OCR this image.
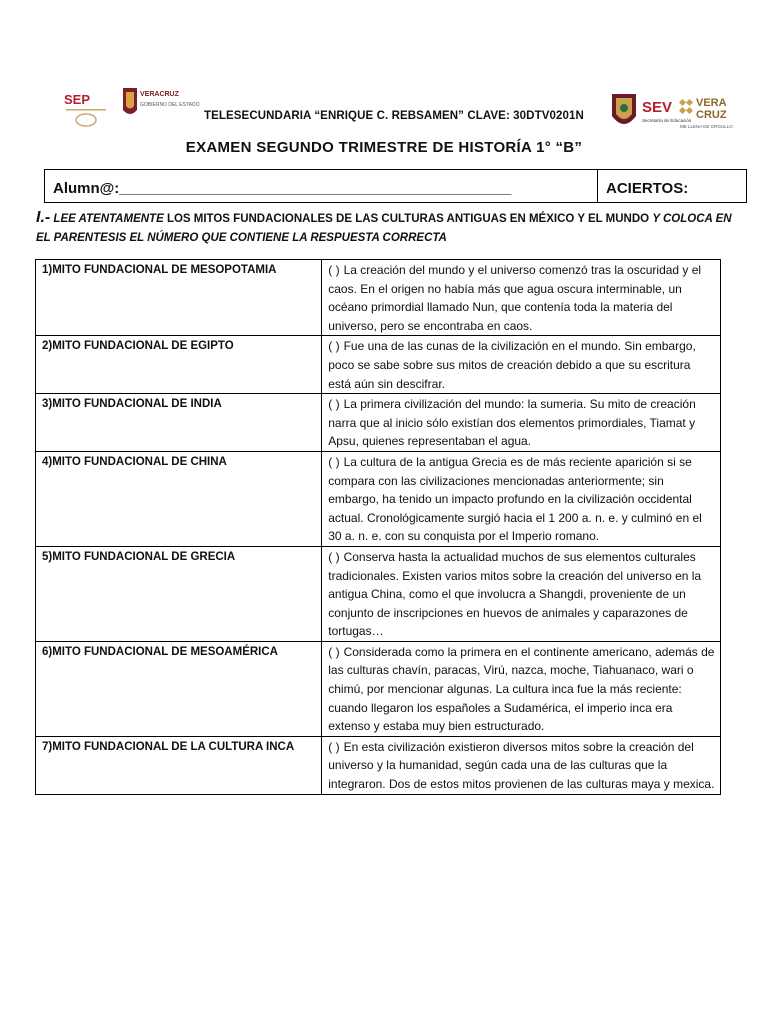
SEP	VERACRUZ
GOBIERNO DEL ESTADO	SEV
Secretaría de Educación
VERA
CRUZ
ME LLENA DE ORGULLO
TELESECUNDARIA “ENRIQUE C. REBSAMEN” CLAVE: 30DTV0201N
EXAMEN SEGUNDO TRIMESTRE DE HISTORÍA 1° “B”
Alumn@:_______________________________________________	ACIERTOS:
I.- LEE ATENTAMENTE LOS MITOS FUNDACIONALES DE LAS CULTURAS ANTIGUAS EN MÉXICO Y EL MUNDO Y COLOCA EN EL PARENTESIS EL NÚMERO QUE CONTIENE LA RESPUESTA CORRECTA
1)MITO FUNDACIONAL DE MESOPOTAMIA	( ) La creación del mundo y el universo comenzó tras la oscuridad y el caos. En el origen no había más que agua oscura interminable, un océano primordial llamado Nun, que contenía toda la materia del universo, pero se encontraba en caos.
2)MITO FUNDACIONAL DE EGIPTO	( ) Fue una de las cunas de la civilización en el mundo. Sin embargo, poco se sabe sobre sus mitos de creación debido a que su escritura está aún sin descifrar.
3)MITO FUNDACIONAL DE INDIA	( ) La primera civilización del mundo: la sumeria. Su mito de creación narra que al inicio sólo existían dos elementos primordiales, Tiamat y Apsu, quienes representaban el agua.
4)MITO FUNDACIONAL DE CHINA	( ) La cultura de la antigua Grecia es de más reciente aparición si se compara con las civilizaciones mencionadas anteriormente; sin embargo, ha tenido un impacto profundo en la civilización occidental actual. Cronológicamente surgió hacia el 1 200 a. n. e. y culminó en el 30 a. n. e. con su conquista por el Imperio romano.
5)MITO FUNDACIONAL DE GRECIA	( ) Conserva hasta la actualidad muchos de sus elementos culturales tradicionales. Existen varios mitos sobre la creación del universo en la antigua China, como el que involucra a Shangdi, proveniente de un conjunto de inscripciones en huevos de animales y caparazones de tortugas…
6)MITO FUNDACIONAL DE MESOAMÉRICA	( ) Considerada como la primera en el continente americano, además de las culturas chavín, paracas, Virú, nazca, moche, Tiahuanaco, wari o chimú, por mencionar algunas. La cultura inca fue la más reciente: cuando llegaron los españoles a Sudamérica, el imperio inca era extenso y estaba muy bien estructurado.
7)MITO FUNDACIONAL DE LA CULTURA INCA	( ) En esta civilización existieron diversos mitos sobre la creación del universo y la humanidad, según cada una de las culturas que la integraron. Dos de estos mitos provienen de las culturas maya y mexica.
